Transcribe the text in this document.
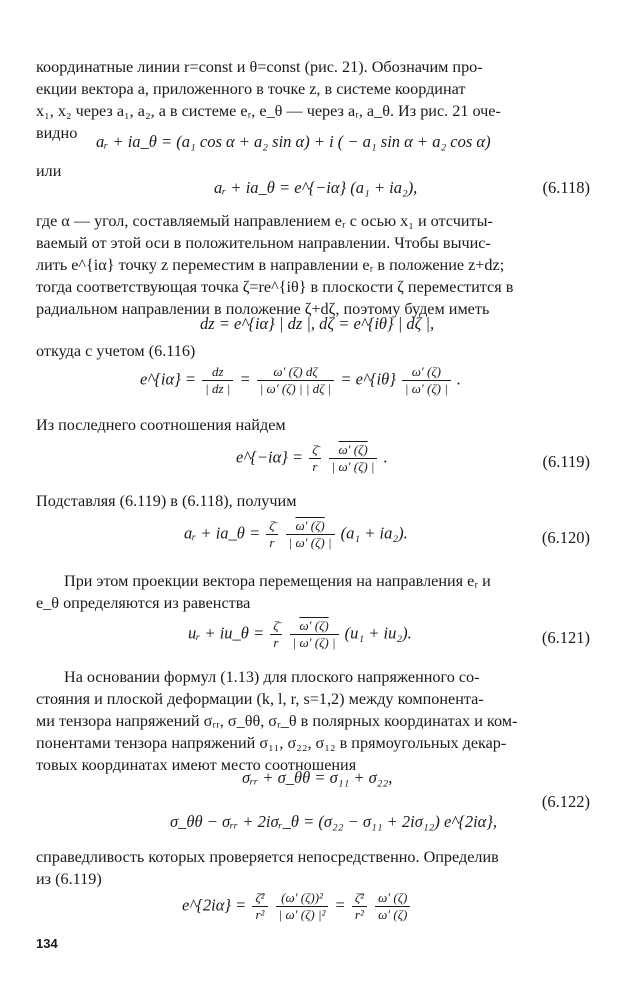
координатные линии r=const и θ=const (рис. 21). Обозначим про-
екции вектора a, приложенного в точке z, в системе координат
x₁, x₂ через a₁, a₂, а в системе eᵣ, e_θ — через aᵣ, a_θ. Из рис. 21 оче-
видно	aᵣ + ia_θ = (a₁ cos α + a₂ sin α) + i ( − a₁ sin α + a₂ cos α)
или
aᵣ + ia_θ = e^{−iα} (a₁ + ia₂),	(6.118)
где α — угол, составляемый направлением eᵣ с осью x₁ и отсчиты-
ваемый от этой оси в положительном направлении. Чтобы вычис-
лить e^{iα} точку z переместим в направлении eᵣ в положение z+dz;
тогда соответствующая точка ζ=re^{iθ} в плоскости ζ переместится в
радиальном направлении в положение ζ+dζ, поэтому будем иметь
dz = e^{iα} | dz |, dζ = e^{iθ} | dζ |,
откуда с учетом (6.116)
e^{iα} = $\frac{dz}{| dz |} = \frac{\omega' (\zeta) d\zeta}{| \omega' (\zeta) | | d\zeta |}$ = e^{iθ} $\frac{\omega' (\zeta)}{| \omega' (\zeta) |}$ .
Из последнего соотношения найдем
e^{−iα} = $\frac{\zetā}{r}$
$\frac{\omega' (\zeta)}{| \omega' (\zeta) |}$ .	(6.119)
Подставляя (6.119) в (6.118), получим
aᵣ + ia_θ = $\frac{\zetā}{r}$
$\frac{\omega' (\zeta)}{| \omega' (\zeta) |} (a_1 + ia_2)$.	(6.120)
При этом проекции вектора перемещения на направления eᵣ и
e_θ определяются из равенства
uᵣ + iu_θ = $\frac{\zetā}{r}$
$\frac{\omega' (\zeta)}{| \omega' (\zeta) |} (u_1 + iu_2)$.	(6.121)
На основании формул (1.13) для плоского напряженного со-
стояния и плоской деформации (k, l, r, s=1,2) между компонента-
ми тензора напряжений σᵣᵣ, σ_θθ, σᵣ_θ в полярных координатах и ком-
понентами тензора напряжений σ₁₁, σ₂₂, σ₁₂ в прямоугольных декар-
товых координатах имеют место соотношения
σᵣᵣ + σ_θθ = σ₁₁ + σ₂₂,
(6.122)
σ_θθ − σᵣᵣ + 2iσᵣ_θ = (σ₂₂ − σ₁₁ + 2iσ₁₂) e^{2iα},
справедливость которых проверяется непосредственно. Определив
из (6.119)
e^{2iα} = $\frac{\text{ζ̄²}}{\text{r²}}$
$\frac{\text{(ω′ (ζ))²}}{\text{| ω′ (ζ) |²}} = \frac{\text{ζ̄²}}{\text{r²}}$
$\frac{\omega' (\zeta)}{\omega' (\zeta)}$
134
